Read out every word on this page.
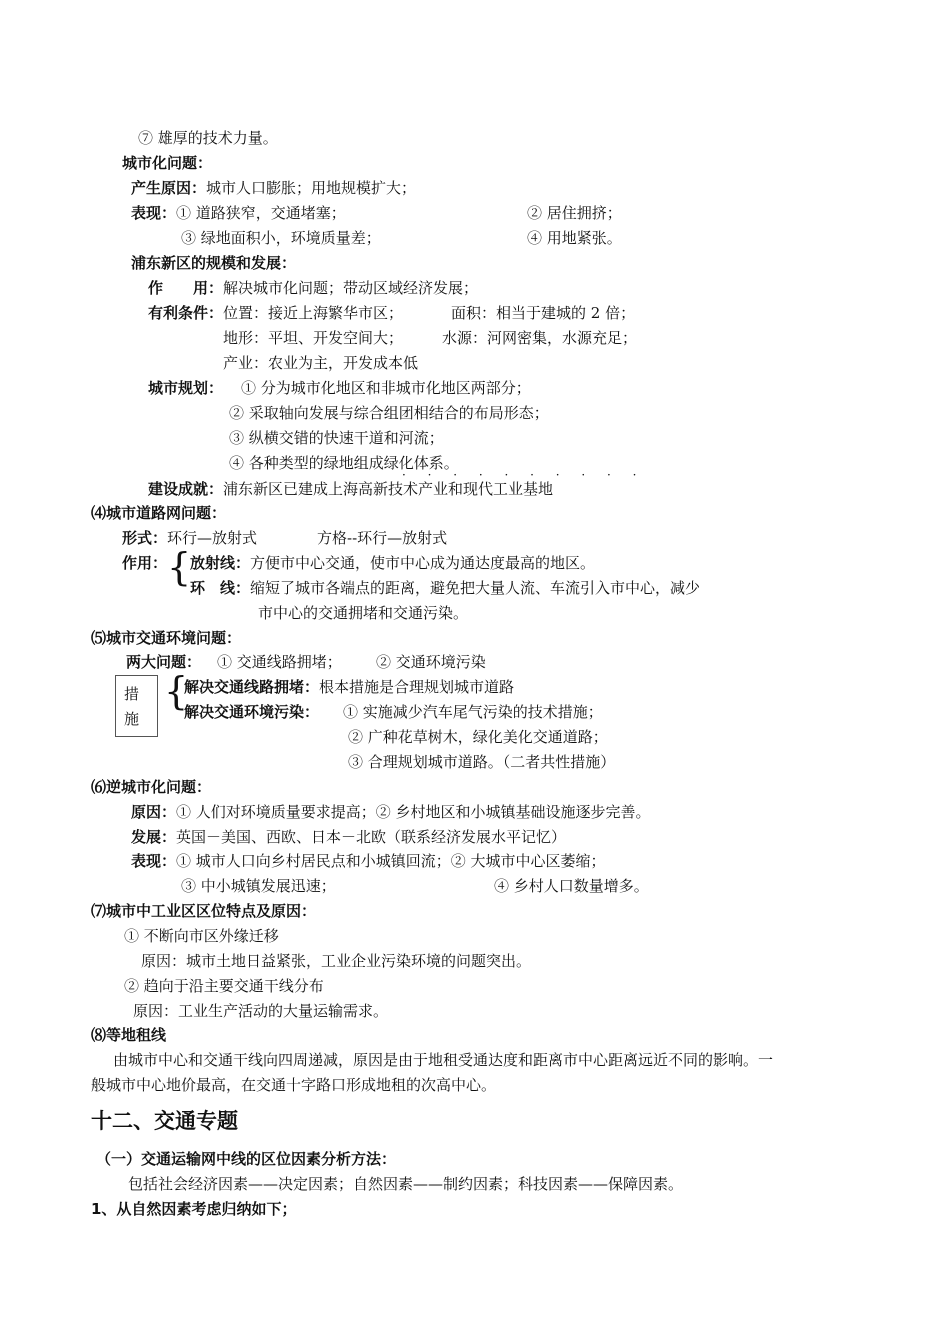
⑦ 雄厚的技术力量。
城市化问题：
产生原因：城市人口膨胀；用地规模扩大；
表现：① 道路狭窄，交通堵塞；	② 居住拥挤；
③ 绿地面积小，环境质量差；	④ 用地紧张。
浦东新区的规模和发展：
作　　用：解决城市化问题；带动区域经济发展；
有利条件：位置：接近上海繁华市区；	面积：相当于建城的 2 倍；
地形：平坦、开发空间大；	水源：河网密集，水源充足；
产业：农业为主，开发成本低
城市规划： ① 分为城市化地区和非城市化地区两部分；
② 采取轴向发展与综合组团相结合的布局形态；
③ 纵横交错的快速干道和河流；
④ 各种类型的绿地组成绿化体系。
· · · · · · · · · ·
建设成就：浦东新区已建成上海高新技术产业和现代工业基地
⑷城市道路网问题：
形式：环行—放射式	方格--环行—放射式
作用： {
放射线：方便市中心交通，使市中心成为通达度最高的地区。
环　线：缩短了城市各端点的距离，避免把大量人流、车流引入市中心，减少
市中心的交通拥堵和交通污染。
⑸城市交通环境问题：
两大问题： ① 交通线路拥堵； ② 交通环境污染
措
施
{
解决交通线路拥堵：根本措施是合理规划城市道路
解决交通环境污染： ① 实施减少汽车尾气污染的技术措施；
② 广种花草树木，绿化美化交通道路；
③ 合理规划城市道路。（二者共性措施）
⑹逆城市化问题：
原因：① 人们对环境质量要求提高；② 乡村地区和小城镇基础设施逐步完善。
发展：英国－美国、西欧、日本－北欧（联系经济发展水平记忆）
表现：① 城市人口向乡村居民点和小城镇回流；② 大城市中心区萎缩；
③ 中小城镇发展迅速；	④ 乡村人口数量增多。
⑺城市中工业区区位特点及原因：
① 不断向市区外缘迁移
原因：城市土地日益紧张，工业企业污染环境的问题突出。
② 趋向于沿主要交通干线分布
原因：工业生产活动的大量运输需求。
⑻等地租线
由城市中心和交通干线向四周递减，原因是由于地租受通达度和距离市中心距离远近不同的影响。一
般城市中心地价最高，在交通十字路口形成地租的次高中心。
十二、交通专题
（一）交通运输网中线的区位因素分析方法：
包括社会经济因素——决定因素；自然因素——制约因素；科技因素——保障因素。
1、从自然因素考虑归纳如下；
